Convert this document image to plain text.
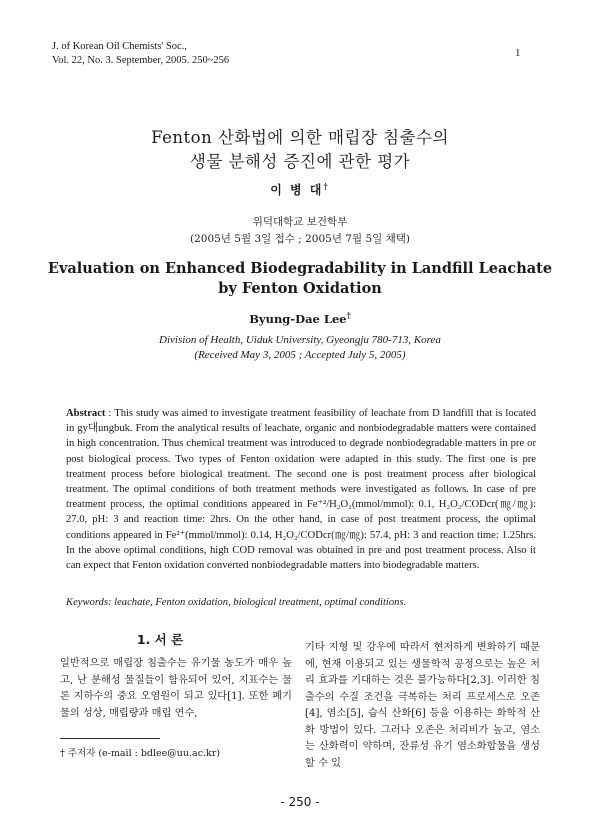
J. of Korean Oil Chemists' Soc.,
Vol. 22, No. 3. September, 2005. 250~256
1
Fenton 산화법에 의한 매립장 침출수의
생물 분해성 증진에 관한 평가
이 병 대†
위덕대학교 보건학부
(2005년 5월 3일 접수 ; 2005년 7월 5일 채택)
Evaluation on Enhanced Biodegradability in Landfill Leachate
by Fenton Oxidation
Byung-Dae Lee†
Division of Health, Uiduk University, Gyeongju 780-713, Korea
(Received May 3, 2005 ; Accepted July 5, 2005)
Abstract : This study was aimed to investigate treatment feasibility of leachate from D landfill that is located in gy대ungbuk. From the analytical results of leachate, organic and nonbiodegradable matters were contained in high concentration. Thus chemical treatment was introduced to degrade nonbiodegradable matters in pre or post biological process. Two types of Fenton oxidation were adapted in this study. The first one is pre treatment process before biological treatment. The second one is post treatment process after biological treatment. The optimal conditions of both treatment methods were investigated as follows. In case of pre treatment process, the optimal conditions appeared in Fe⁺²/H₂O₂(mmol/mmol): 0.1, H₂O₂/CODcr(㎎/㎎): 27.0, pH: 3 and reaction time: 2hrs. On the other hand, in case of post treatment process, the optimal conditions appeared in Fe²⁺(mmol/mmol): 0.14, H₂O₂/CODcr(㎎/㎎): 57.4, pH: 3 and reaction time: 1.25hrs. In the above optimal conditions, high COD removal was obtained in pre and post treatment process. Also it can expect that Fenton oxidation converted nonbiodegradable matters into biodegradable matters.
Keywords: leachate, Fenton oxidation, biological treatment, optimal conditions.
1. 서 론
일반적으로 매립장 침출수는 유기물 농도가 매우 높고, 난 분해성 물질들이 함유되어 있어, 지표수는 물론 지하수의 중요 오염원이 되고 있다[1]. 또한 폐기물의 성상, 매립량과 매립 연수,
기타 지형 및 강우에 따라서 현저하게 변화하기 때문에, 현재 이용되고 있는 생물학적 공정으로는 높은 처리 효과를 기대하는 것은 불가능하다[2,3]. 이러한 침출수의 수질 조건을 극복하는 처리 프로세스로 오존[4], 염소[5], 습식 산화[6] 등을 이용하는 화학적 산화 방법이 있다. 그러나 오존은 처리비가 높고, 염소는 산화력이 약하며, 잔류성 유기 염소화합물을 생성할 수 있
† 주저자 (e-mail : bdlee@uu.ac.kr)
- 250 -
